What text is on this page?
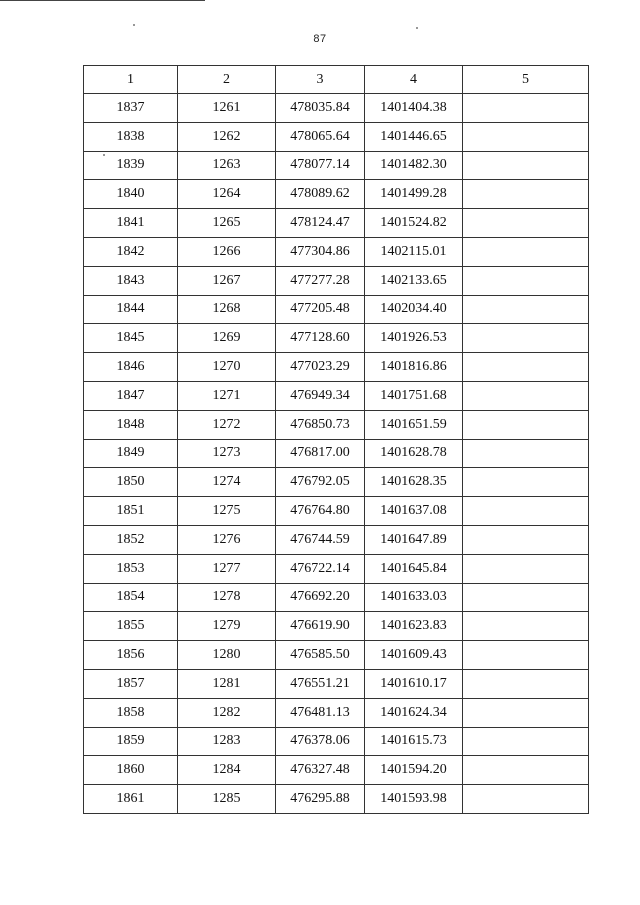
87
1	2	3	4	5
1837	1261	478035.84	1401404.38	
1838	1262	478065.64	1401446.65	
1839	1263	478077.14	1401482.30	
1840	1264	478089.62	1401499.28	
1841	1265	478124.47	1401524.82	
1842	1266	477304.86	1402115.01	
1843	1267	477277.28	1402133.65	
1844	1268	477205.48	1402034.40	
1845	1269	477128.60	1401926.53	
1846	1270	477023.29	1401816.86	
1847	1271	476949.34	1401751.68	
1848	1272	476850.73	1401651.59	
1849	1273	476817.00	1401628.78	
1850	1274	476792.05	1401628.35	
1851	1275	476764.80	1401637.08	
1852	1276	476744.59	1401647.89	
1853	1277	476722.14	1401645.84	
1854	1278	476692.20	1401633.03	
1855	1279	476619.90	1401623.83	
1856	1280	476585.50	1401609.43	
1857	1281	476551.21	1401610.17	
1858	1282	476481.13	1401624.34	
1859	1283	476378.06	1401615.73	
1860	1284	476327.48	1401594.20	
1861	1285	476295.88	1401593.98	
